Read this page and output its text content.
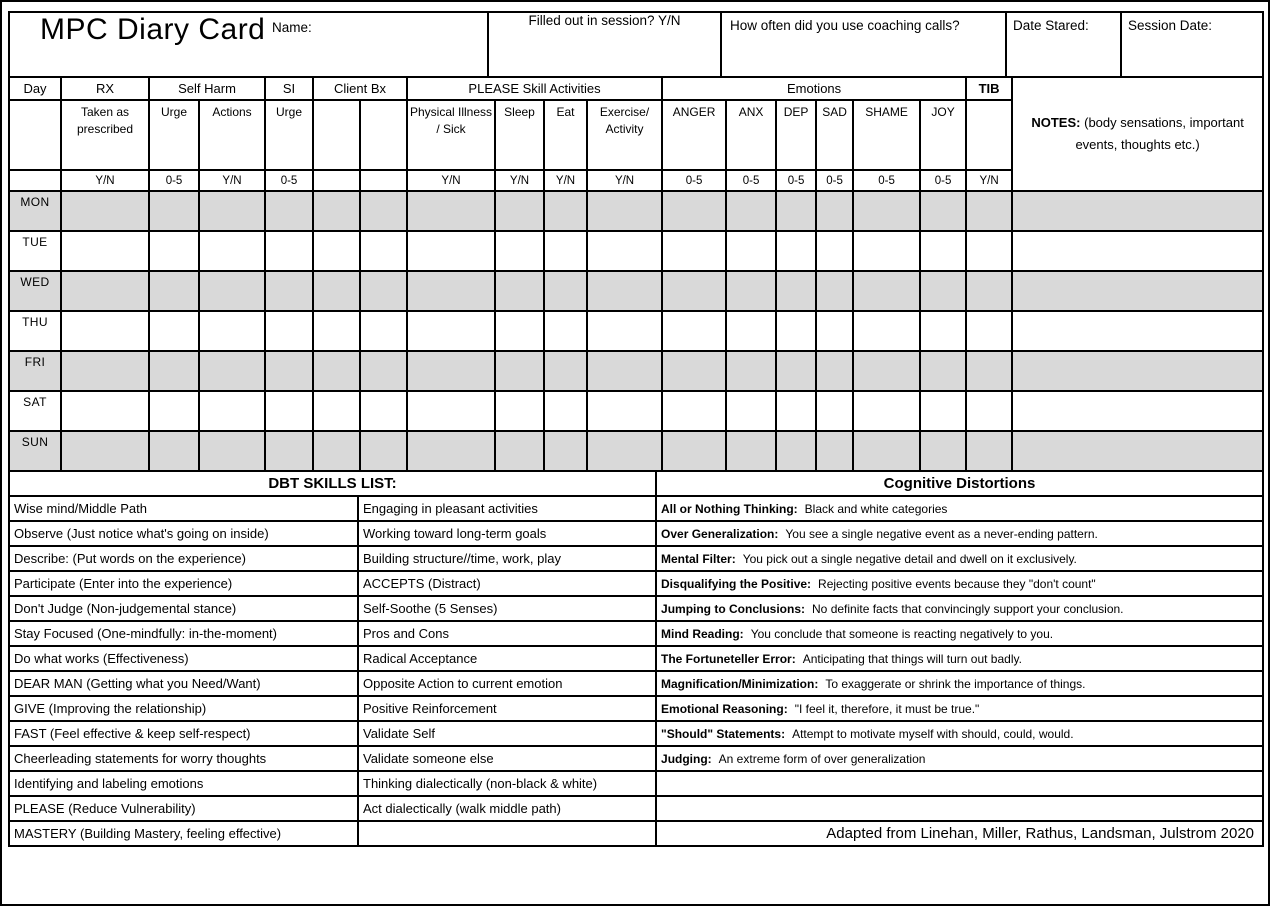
MPC Diary Card Name:	Filled out in session? Y/N	How often did you use coaching calls?	Date Stared:	Session Date:
Day	RX	Self Harm		SI	Client Bx		PLEASE Skill Activities				Emotions						TIB	NOTES: (body sensations, important events, thoughts etc.)
	Taken as prescribed	Urge	Actions	Urge			Physical Illness / Sick	Sleep	Eat	Exercise/ Activity	ANGER	ANX	DEP	SAD	SHAME	JOY		
	Y/N	0-5	Y/N	0-5			Y/N	Y/N	Y/N	Y/N	0-5	0-5	0-5	0-5	0-5	0-5	Y/N	
MON																		
TUE																		
WED																		
THU																		
FRI																		
SAT																		
SUN																		
DBT SKILLS LIST:		Cognitive Distortions
Wise mind/Middle Path	Engaging in pleasant activities	All or Nothing Thinking: Black and white categories
Observe (Just notice what's going on inside)	Working toward long-term goals	Over Generalization: You see a single negative event as a never-ending pattern.
Describe: (Put words on the experience)	Building structure//time, work, play	Mental Filter: You pick out a single negative detail and dwell on it exclusively.
Participate (Enter into the experience)	ACCEPTS (Distract)	Disqualifying the Positive: Rejecting positive events because they "don't count"
Don't Judge (Non-judgemental stance)	Self-Soothe (5 Senses)	Jumping to Conclusions: No definite facts that convincingly support your conclusion.
Stay Focused (One-mindfully: in-the-moment)	Pros and Cons	Mind Reading: You conclude that someone is reacting negatively to you.
Do what works (Effectiveness)	Radical Acceptance	The Fortuneteller Error: Anticipating that things will turn out badly.
DEAR MAN (Getting what you Need/Want)	Opposite Action to current emotion	Magnification/Minimization: To exaggerate or shrink the importance of things.
GIVE (Improving the relationship)	Positive Reinforcement	Emotional Reasoning: "I feel it, therefore, it must be true."
FAST (Feel effective & keep self-respect)	Validate Self	"Should" Statements: Attempt to motivate myself with should, could, would.
Cheerleading statements for worry thoughts	Validate someone else	Judging: An extreme form of over generalization
Identifying and labeling emotions	Thinking dialectically (non-black & white)	
PLEASE (Reduce Vulnerability)	Act dialectically (walk middle path)	
MASTERY (Building Mastery, feeling effective)		Adapted from Linehan, Miller, Rathus, Landsman, Julstrom 2020
